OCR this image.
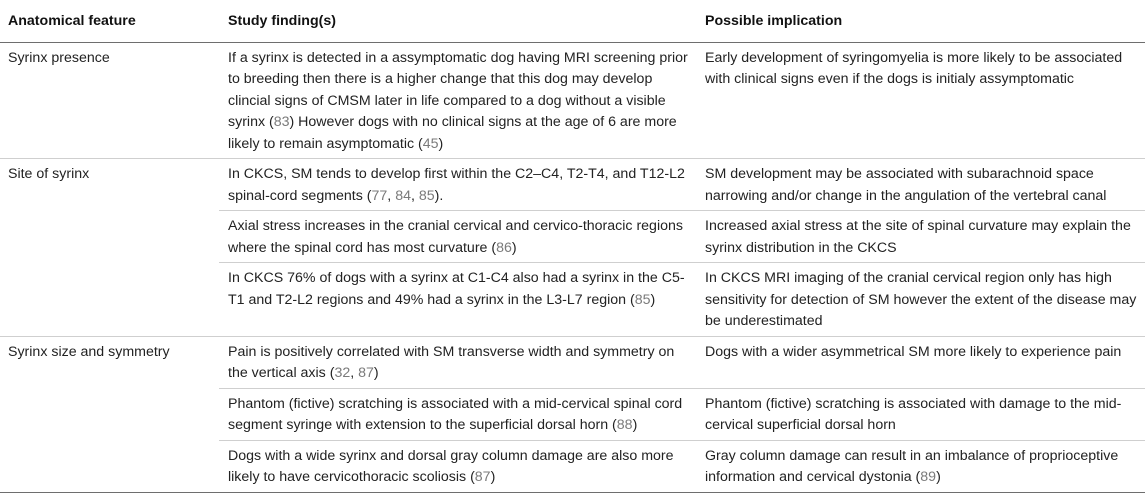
Anatomical feature	Study finding(s)	Possible implication
Syrinx presence	If a syrinx is detected in a assymptomatic dog having MRI screening prior to breeding then there is a higher change that this dog may develop clincial signs of CMSM later in life compared to a dog without a visible syrinx (83) However dogs with no clinical signs at the age of 6 are more likely to remain asymptomatic (45)	Early development of syringomyelia is more likely to be associated with clinical signs even if the dogs is initialy assymptomatic
Site of syrinx	In CKCS, SM tends to develop first within the C2–C4, T2-T4, and T12-L2 spinal-cord segments (77, 84, 85).	SM development may be associated with subarachnoid space narrowing and/or change in the angulation of the vertebral canal
	Axial stress increases in the cranial cervical and cervico-thoracic regions where the spinal cord has most curvature (86)	Increased axial stress at the site of spinal curvature may explain the syrinx distribution in the CKCS
	In CKCS 76% of dogs with a syrinx at C1-C4 also had a syrinx in the C5-T1 and T2-L2 regions and 49% had a syrinx in the L3-L7 region (85)	In CKCS MRI imaging of the cranial cervical region only has high sensitivity for detection of SM however the extent of the disease may be underestimated
Syrinx size and symmetry	Pain is positively correlated with SM transverse width and symmetry on the vertical axis (32, 87)	Dogs with a wider asymmetrical SM more likely to experience pain
	Phantom (fictive) scratching is associated with a mid-cervical spinal cord segment syringe with extension to the superficial dorsal horn (88)	Phantom (fictive) scratching is associated with damage to the mid-cervical superficial dorsal horn
	Dogs with a wide syrinx and dorsal gray column damage are also more likely to have cervicothoracic scoliosis (87)	Gray column damage can result in an imbalance of proprioceptive information and cervical dystonia (89)
